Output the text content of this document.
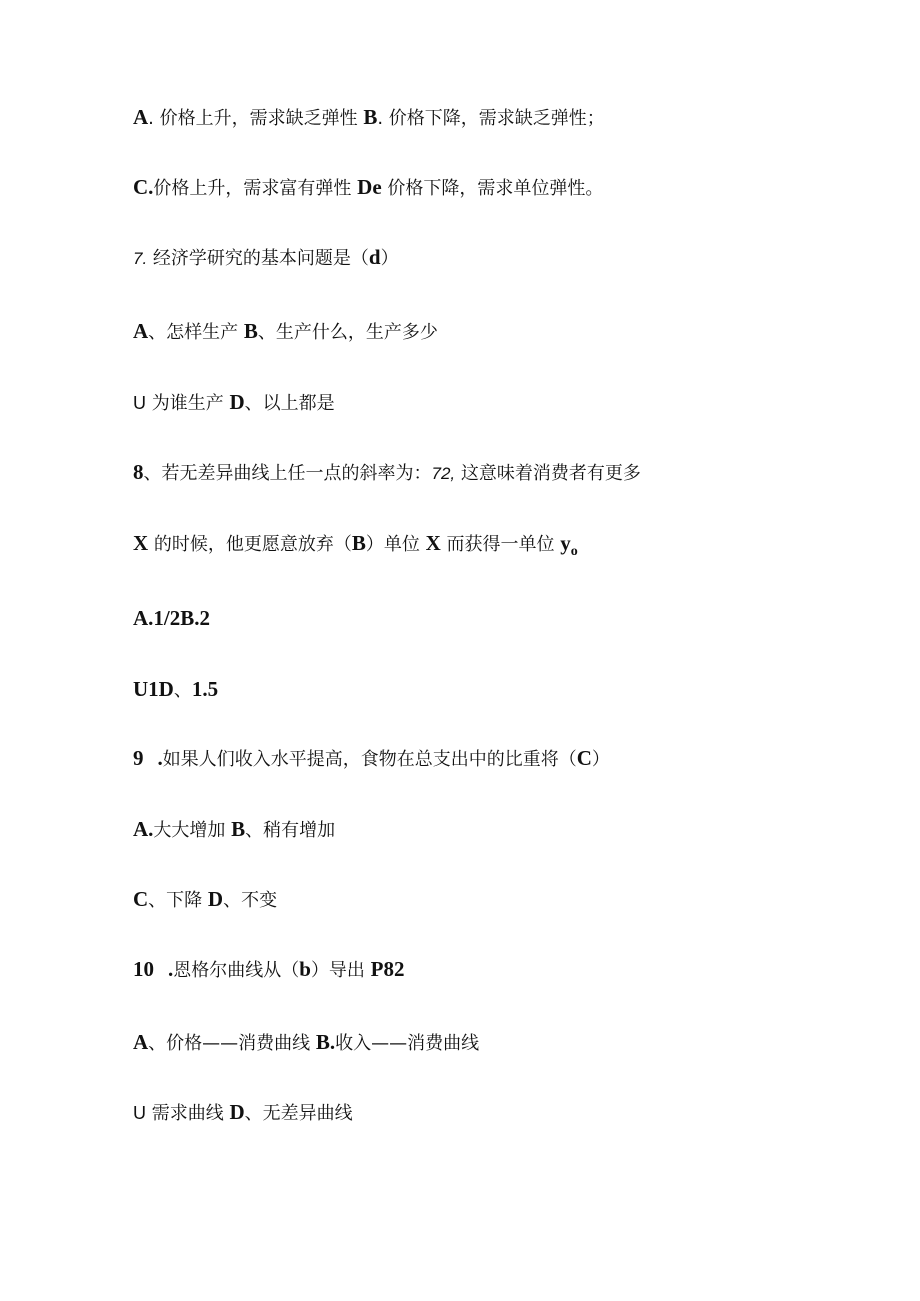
A. 价格上升，需求缺乏弹性 B. 价格下降，需求缺乏弹性；
C.价格上升，需求富有弹性 De 价格下降，需求单位弹性。
7. 经济学研究的基本问题是（d）
A、怎样生产 B、生产什么，生产多少
U 为谁生产 D、以上都是
8、若无差异曲线上任一点的斜率为：72, 这意味着消费者有更多
X 的时候，他更愿意放弃（B）单位 X 而获得一单位 $y_o$
A.1/2B.2
U1D、1.5
9 .如果人们收入水平提高，食物在总支出中的比重将（C）
A.大大增加 B、稍有增加
C、下降 D、不变
10 .恩格尔曲线从（b）导出 P82
A、价格——消费曲线 B.收入——消费曲线
U 需求曲线 D、无差异曲线
